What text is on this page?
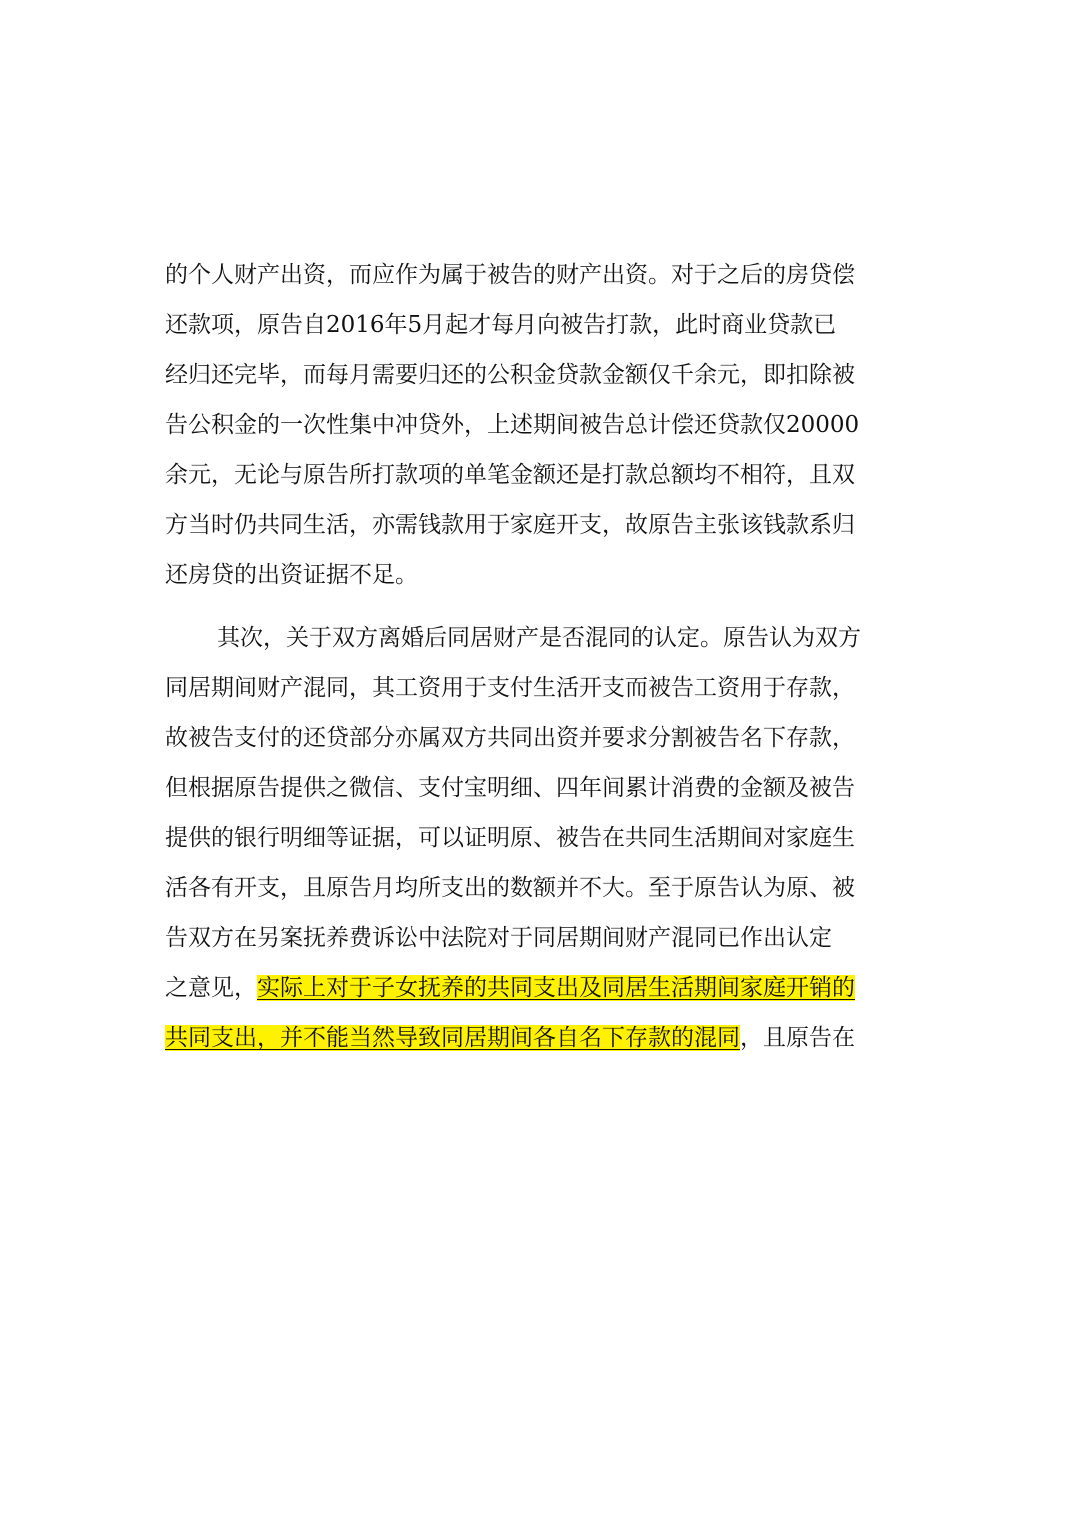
的个人财产出资，而应作为属于被告的财产出资。对于之后的房贷偿
还款项，原告自2016年5月起才每月向被告打款，此时商业贷款已
经归还完毕，而每月需要归还的公积金贷款金额仅千余元，即扣除被
告公积金的一次性集中冲贷外，上述期间被告总计偿还贷款仅20000
余元，无论与原告所打款项的单笔金额还是打款总额均不相符，且双
方当时仍共同生活，亦需钱款用于家庭开支，故原告主张该钱款系归
还房贷的出资证据不足。
其次，关于双方离婚后同居财产是否混同的认定。原告认为双方
同居期间财产混同，其工资用于支付生活开支而被告工资用于存款，
故被告支付的还贷部分亦属双方共同出资并要求分割被告名下存款，
但根据原告提供之微信、支付宝明细、四年间累计消费的金额及被告
提供的银行明细等证据，可以证明原、被告在共同生活期间对家庭生
活各有开支，且原告月均所支出的数额并不大。至于原告认为原、被
告双方在另案抚养费诉讼中法院对于同居期间财产混同已作出认定
之意见，实际上对于子女抚养的共同支出及同居生活期间家庭开销的
共同支出，并不能当然导致同居期间各自名下存款的混同，且原告在
